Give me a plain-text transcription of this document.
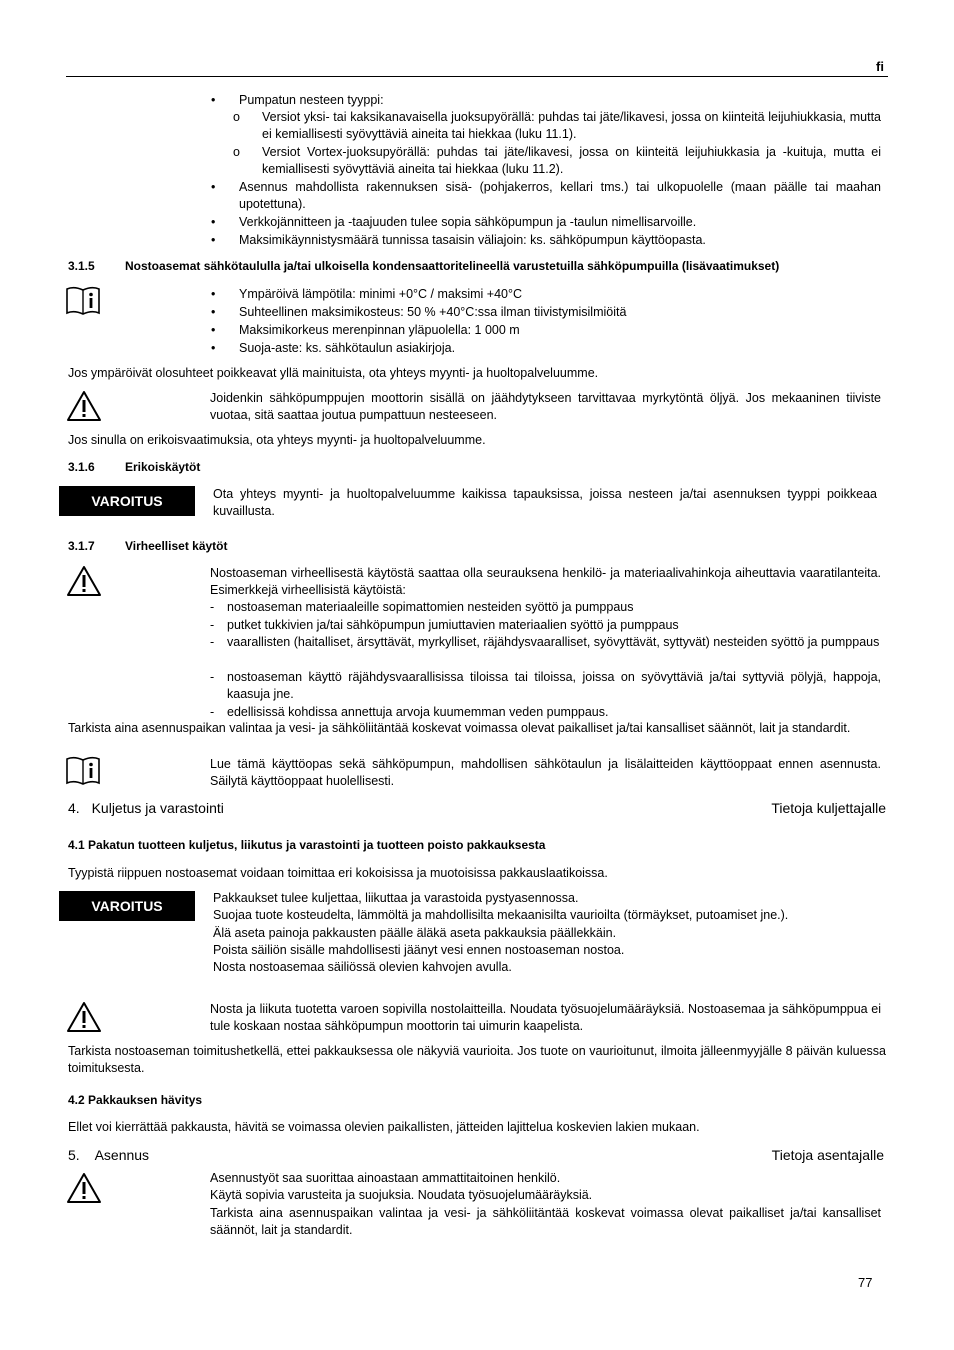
fi
• Pumpatun nesteen tyyppi:
o Versiot yksi- tai kaksikanavaisella juoksupyörällä: puhdas tai jäte/likavesi, jossa on kiinteitä leijuhiukkasia, mutta ei kemiallisesti syövyttäviä aineita tai hiekkaa (luku 11.1).
o Versiot Vortex-juoksupyörällä: puhdas tai jäte/likavesi, jossa on kiinteitä leijuhiukkasia ja -kuituja, mutta ei kemiallisesti syövyttäviä aineita tai hiekkaa (luku 11.2).
• Asennus mahdollista rakennuksen sisä- (pohjakerros, kellari tms.) tai ulkopuolelle (maan päälle tai maahan upotettuna).
• Verkkojännitteen ja -taajuuden tulee sopia sähköpumpun ja -taulun nimellisarvoille.
• Maksimikäynnistysmäärä tunnissa tasaisin väliajoin: ks. sähköpumpun käyttöopasta.
3.1.5	Nostoasemat sähkötaululla ja/tai ulkoisella kondensaattoritelineellä varustetuilla sähköpumpuilla (lisävaatimukset)
• Ympäröivä lämpötila: minimi +0°C / maksimi +40°C
• Suhteellinen maksimikosteus: 50 % +40°C:ssa ilman tiivistymisilmiöitä
• Maksimikorkeus merenpinnan yläpuolella: 1 000 m
• Suoja-aste: ks. sähkötaulun asiakirjoja.
Jos ympäröivät olosuhteet poikkeavat yllä mainituista, ota yhteys myynti- ja huoltopalveluumme.
Joidenkin sähköpumppujen moottorin sisällä on jäähdytykseen tarvittavaa myrkytöntä öljyä. Jos mekaaninen tiiviste vuotaa, sitä saattaa joutua pumpattuun nesteeseen.
Jos sinulla on erikoisvaatimuksia, ota yhteys myynti- ja huoltopalveluumme.
3.1.6	Erikoiskäytöt
VAROITUS	Ota yhteys myynti- ja huoltopalveluumme kaikissa tapauksissa, joissa nesteen ja/tai asennuksen tyyppi poikkeaa kuvaillusta.
3.1.7	Virheelliset käytöt
Nostoaseman virheellisestä käytöstä saattaa olla seurauksena henkilö- ja materiaalivahinkoja aiheuttavia vaaratilanteita. Esimerkkejä virheellisistä käytöistä:
- nostoaseman materiaaleille sopimattomien nesteiden syöttö ja pumppaus
- putket tukkivien ja/tai sähköpumpun jumiuttavien materiaalien syöttö ja pumppaus
- vaarallisten (haitalliset, ärsyttävät, myrkylliset, räjähdysvaaralliset, syövyttävät, syttyvät) nesteiden syöttö ja pumppaus
- nostoaseman käyttö räjähdysvaarallisissa tiloissa tai tiloissa, joissa on syövyttäviä ja/tai syttyviä pölyjä, happoja, kaasuja jne.
- edellisissä kohdissa annettuja arvoja kuumemman veden pumppaus.
Tarkista aina asennuspaikan valintaa ja vesi- ja sähköliitäntää koskevat voimassa olevat paikalliset ja/tai kansalliset säännöt, lait ja standardit.
Lue tämä käyttöopas sekä sähköpumpun, mahdollisen sähkötaulun ja lisälaitteiden käyttöoppaat ennen asennusta. Säilytä käyttöoppaat huolellisesti.
4. Kuljetus ja varastointi	Tietoja kuljettajalle
4.1 Pakatun tuotteen kuljetus, liikutus ja varastointi ja tuotteen poisto pakkauksesta
Tyypistä riippuen nostoasemat voidaan toimittaa eri kokoisissa ja muotoisissa pakkauslaatikoissa.
VAROITUS	Pakkaukset tulee kuljettaa, liikuttaa ja varastoida pystyasennossa.
Suojaa tuote kosteudelta, lämmöltä ja mahdollisilta mekaanisilta vaurioilta (törmäykset, putoamiset jne.).
Älä aseta painoja pakkausten päälle äläkä aseta pakkauksia päällekkäin.
Poista säiliön sisälle mahdollisesti jäänyt vesi ennen nostoaseman nostoa.
Nosta nostoasemaa säiliössä olevien kahvojen avulla.
Nosta ja liikuta tuotetta varoen sopivilla nostolaitteilla. Noudata työsuojelumääräyksiä. Nostoasemaa ja sähköpumppua ei tule koskaan nostaa sähköpumpun moottorin tai uimurin kaapelista.
Tarkista nostoaseman toimitushetkellä, ettei pakkauksessa ole näkyviä vaurioita. Jos tuote on vaurioitunut, ilmoita jälleenmyyjälle 8 päivän kuluessa toimituksesta.
4.2 Pakkauksen hävitys
Ellet voi kierrättää pakkausta, hävitä se voimassa olevien paikallisten, jätteiden lajittelua koskevien lakien mukaan.
5. Asennus	Tietoja asentajalle
Asennustyöt saa suorittaa ainoastaan ammattitaitoinen henkilö.
Käytä sopivia varusteita ja suojuksia. Noudata työsuojelumääräyksiä.
Tarkista aina asennuspaikan valintaa ja vesi- ja sähköliitäntää koskevat voimassa olevat paikalliset ja/tai kansalliset säännöt, lait ja standardit.
77
